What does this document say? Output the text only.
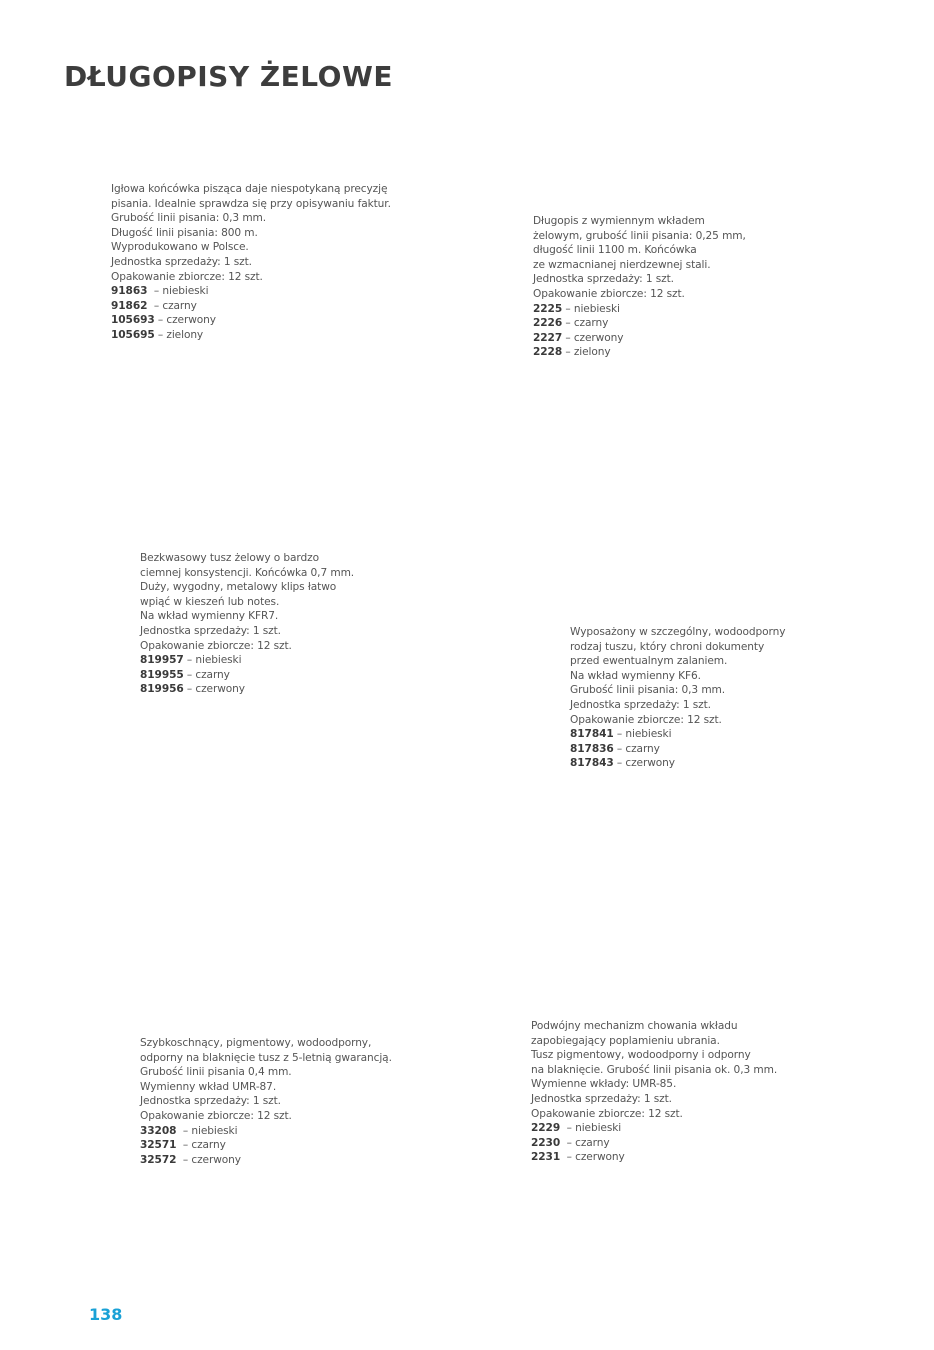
DŁUGOPISY ŻELOWE
Igłowa końcówka pisząca daje niespotykaną precyzję
pisania. Idealnie sprawdza się przy opisywaniu faktur.
Grubość linii pisania: 0,3 mm.
Długość linii pisania: 800 m.
Wyprodukowano w Polsce.
Jednostka sprzedaży: 1 szt.
Opakowanie zbiorcze: 12 szt.
91863  – niebieski
91862  – czarny
105693 – czerwony
105695 – zielony
Długopis z wymiennym wkładem
żelowym, grubość linii pisania: 0,25 mm,
długość linii 1100 m. Końcówka
ze wzmacnianej nierdzewnej stali.
Jednostka sprzedaży: 1 szt.
Opakowanie zbiorcze: 12 szt.
2225 – niebieski
2226 – czarny
2227 – czerwony
2228 – zielony
Bezkwasowy tusz żelowy o bardzo
ciemnej konsystencji. Końcówka 0,7 mm.
Duży, wygodny, metalowy klips łatwo
wpiąć w kieszeń lub notes.
Na wkład wymienny KFR7.
Jednostka sprzedaży: 1 szt.
Opakowanie zbiorcze: 12 szt.
819957 – niebieski
819955 – czarny
819956 – czerwony
Wyposażony w szczególny, wodoodporny
rodzaj tuszu, który chroni dokumenty
przed ewentualnym zalaniem.
Na wkład wymienny KF6.
Grubość linii pisania: 0,3 mm.
Jednostka sprzedaży: 1 szt.
Opakowanie zbiorcze: 12 szt.
817841 – niebieski
817836 – czarny
817843 – czerwony
Szybkoschnący, pigmentowy, wodoodporny,
odporny na blaknięcie tusz z 5-letnią gwarancją.
Grubość linii pisania 0,4 mm.
Wymienny wkład UMR-87.
Jednostka sprzedaży: 1 szt.
Opakowanie zbiorcze: 12 szt.
33208  – niebieski
32571  – czarny
32572  – czerwony
Podwójny mechanizm chowania wkładu
zapobiegający poplamieniu ubrania.
Tusz pigmentowy, wodoodporny i odporny
na blaknięcie. Grubość linii pisania ok. 0,3 mm.
Wymienne wkłady: UMR-85.
Jednostka sprzedaży: 1 szt.
Opakowanie zbiorcze: 12 szt.
2229  – niebieski
2230  – czarny
2231  – czerwony
138
